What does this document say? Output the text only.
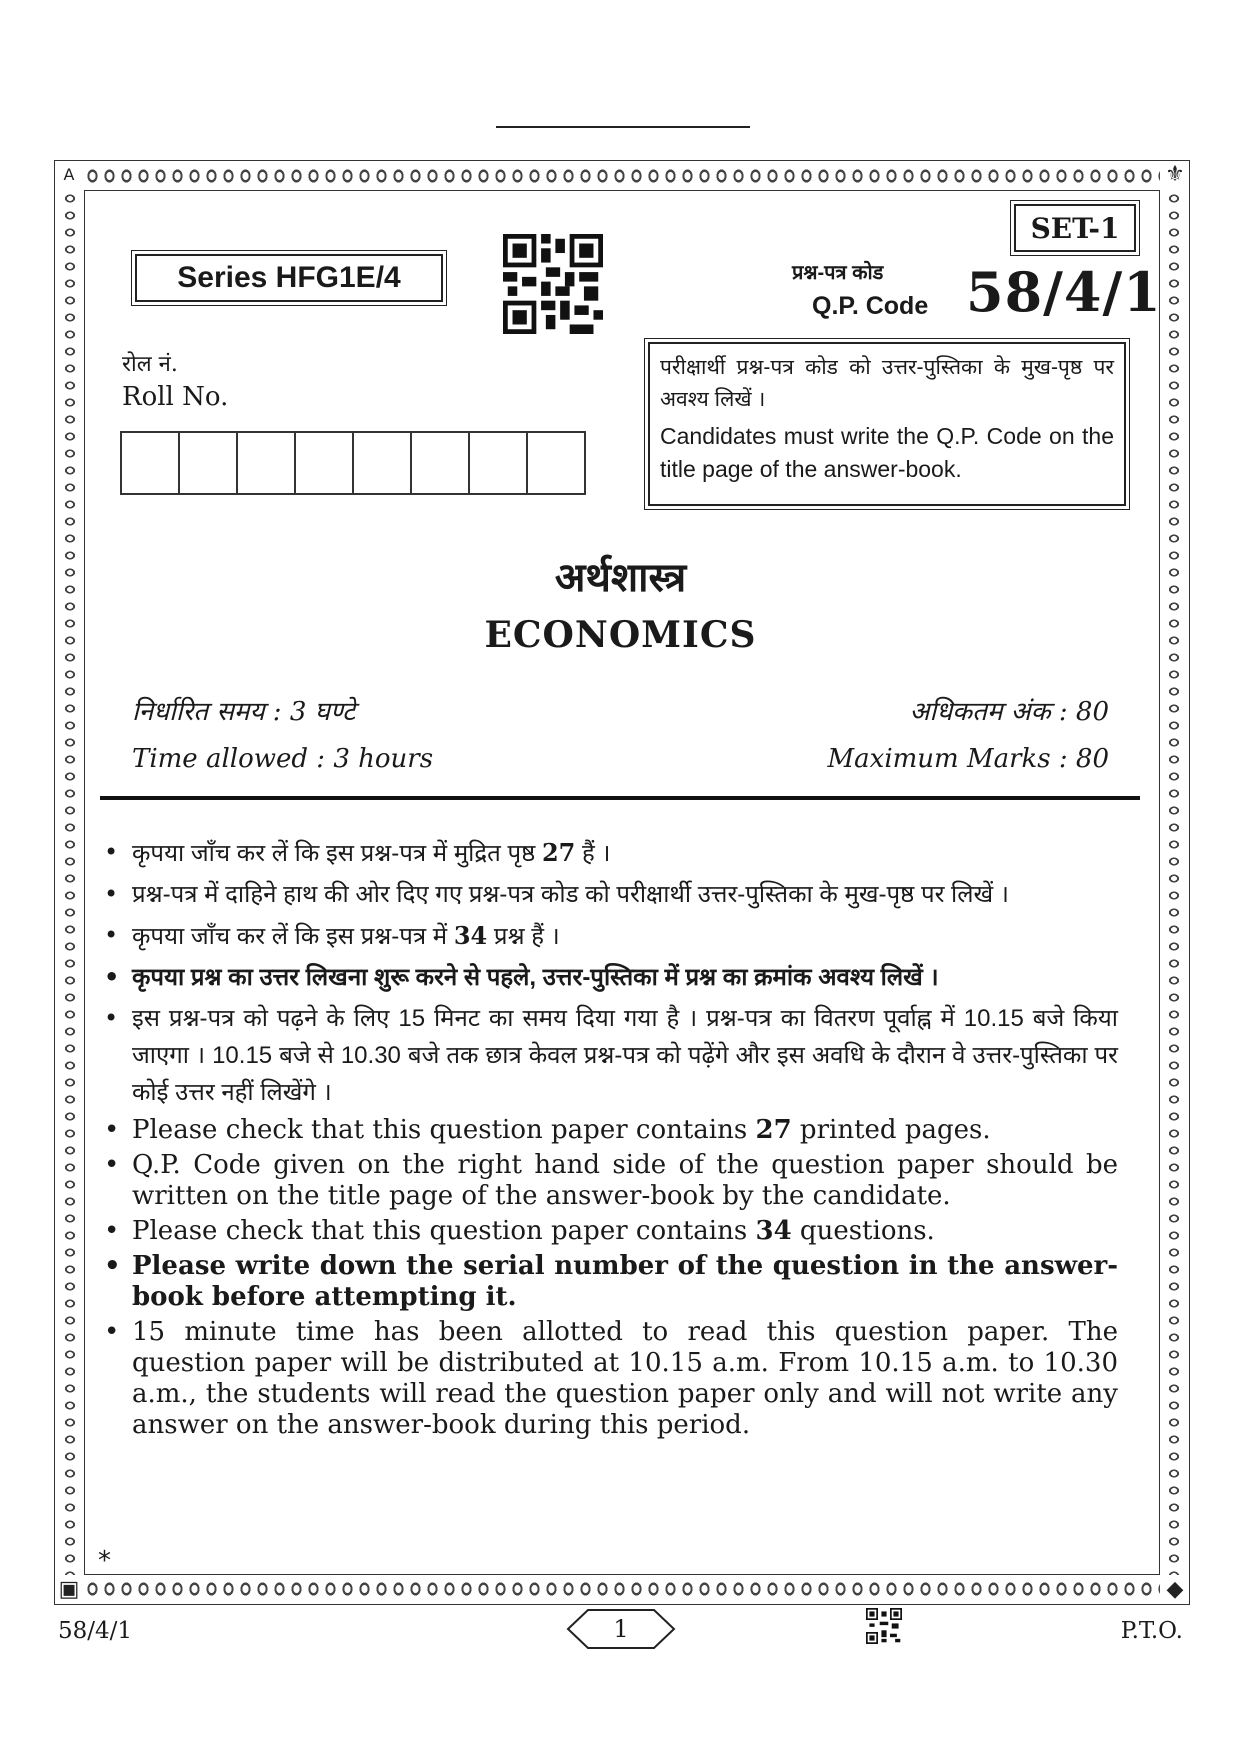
A	⚜
▣	◆
SET-1
Series HFG1E/4	प्रश्न-पत्र कोड
Q.P. Code 58/4/1
रोल नं.
Roll No.
परीक्षार्थी प्रश्न-पत्र कोड को उत्तर-पुस्तिका के मुख-पृष्ठ पर अवश्य लिखें ।
Candidates must write the Q.P. Code on the title page of the answer-book.
अर्थशास्त्र
ECONOMICS
निर्धारित समय : 3 घण्टे	अधिकतम अंक : 80
Time allowed : 3 hours	Maximum Marks : 80
• कृपया जाँच कर लें कि इस प्रश्न-पत्र में मुद्रित पृष्ठ 27 हैं ।
• प्रश्न-पत्र में दाहिने हाथ की ओर दिए गए प्रश्न-पत्र कोड को परीक्षार्थी उत्तर-पुस्तिका के मुख-पृष्ठ पर लिखें ।
• कृपया जाँच कर लें कि इस प्रश्न-पत्र में 34 प्रश्न हैं ।
• कृपया प्रश्न का उत्तर लिखना शुरू करने से पहले, उत्तर-पुस्तिका में प्रश्न का क्रमांक अवश्य लिखें ।
• इस प्रश्न-पत्र को पढ़ने के लिए 15 मिनट का समय दिया गया है । प्रश्न-पत्र का वितरण पूर्वाह्न में 10.15 बजे किया जाएगा । 10.15 बजे से 10.30 बजे तक छात्र केवल प्रश्न-पत्र को पढ़ेंगे और इस अवधि के दौरान वे उत्तर-पुस्तिका पर कोई उत्तर नहीं लिखेंगे ।
• Please check that this question paper contains 27 printed pages.
• Q.P. Code given on the right hand side of the question paper should be written on the title page of the answer-book by the candidate.
• Please check that this question paper contains 34 questions.
• Please write down the serial number of the question in the answer-book before attempting it.
• 15 minute time has been allotted to read this question paper. The question paper will be distributed at 10.15 a.m. From 10.15 a.m. to 10.30 a.m., the students will read the question paper only and will not write any answer on the answer-book during this period.
*
58/4/1	1	P.T.O.
